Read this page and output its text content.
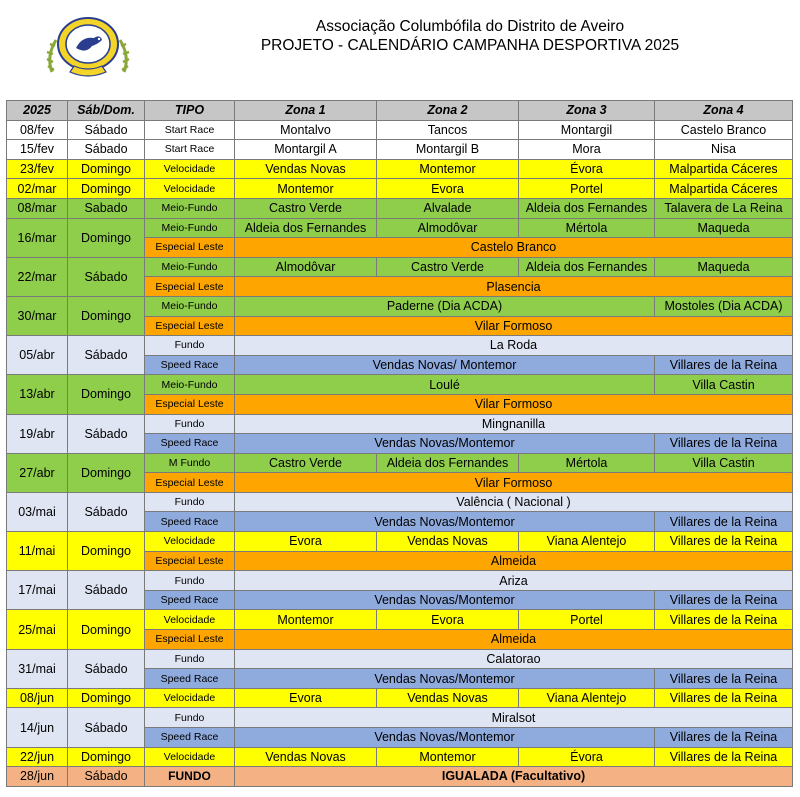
Associação Columbófila do Distrito de Aveiro
PROJETO - CALENDÁRIO CAMPANHA DESPORTIVA 2025
2025	Sáb/Dom.	TIPO	Zona 1	Zona 2	Zona 3	Zona 4
08/fev	Sábado	Start Race	Montalvo	Tancos	Montargil	Castelo Branco
15/fev	Sábado	Start Race	Montargil A	Montargil B	Mora	Nisa
23/fev	Domingo	Velocidade	Vendas Novas	Montemor	Évora	Malpartida Cáceres
02/mar	Domingo	Velocidade	Montemor	Evora	Portel	Malpartida Cáceres
08/mar	Sabado	Meio-Fundo	Castro Verde	Alvalade	Aldeia dos Fernandes	Talavera de La Reina
16/mar	Domingo	Meio-Fundo	Aldeia dos Fernandes	Almodôvar	Mértola	Maqueda
		Especial Leste	Castelo Branco			
22/mar	Sábado	Meio-Fundo	Almodôvar	Castro Verde	Aldeia dos Fernandes	Maqueda
		Especial Leste	Plasencia			
30/mar	Domingo	Meio-Fundo	Paderne (Dia ACDA)			Mostoles (Dia ACDA)
		Especial Leste	Vilar Formoso			
05/abr	Sábado	Fundo	La Roda			
		Speed Race	Vendas Novas/ Montemor			Villares de la Reina
13/abr	Domingo	Meio-Fundo	Loulé			Villa Castin
		Especial Leste	Vilar Formoso			
19/abr	Sábado	Fundo	Mingnanilla			
		Speed Race	Vendas Novas/Montemor			Villares de la Reina
27/abr	Domingo	M Fundo	Castro Verde	Aldeia dos Fernandes	Mértola	Villa Castin
		Especial Leste	Vilar Formoso			
03/mai	Sábado	Fundo	Valência ( Nacional )			
		Speed Race	Vendas Novas/Montemor			Villares de la Reina
11/mai	Domingo	Velocidade	Evora	Vendas Novas	Viana Alentejo	Villares de la Reina
		Especial Leste	Almeida			
17/mai	Sábado	Fundo	Ariza			
		Speed Race	Vendas Novas/Montemor			Villares de la Reina
25/mai	Domingo	Velocidade	Montemor	Evora	Portel	Villares de la Reina
		Especial Leste	Almeida			
31/mai	Sábado	Fundo	Calatorao			
		Speed Race	Vendas Novas/Montemor			Villares de la Reina
08/jun	Domingo	Velocidade	Evora	Vendas Novas	Viana Alentejo	Villares de la Reina
14/jun	Sábado	Fundo	Miralsot			
		Speed Race	Vendas Novas/Montemor			Villares de la Reina
22/jun	Domingo	Velocidade	Vendas Novas	Montemor	Évora	Villares de la Reina
28/jun	Sábado	FUNDO	IGUALADA (Facultativo)			
